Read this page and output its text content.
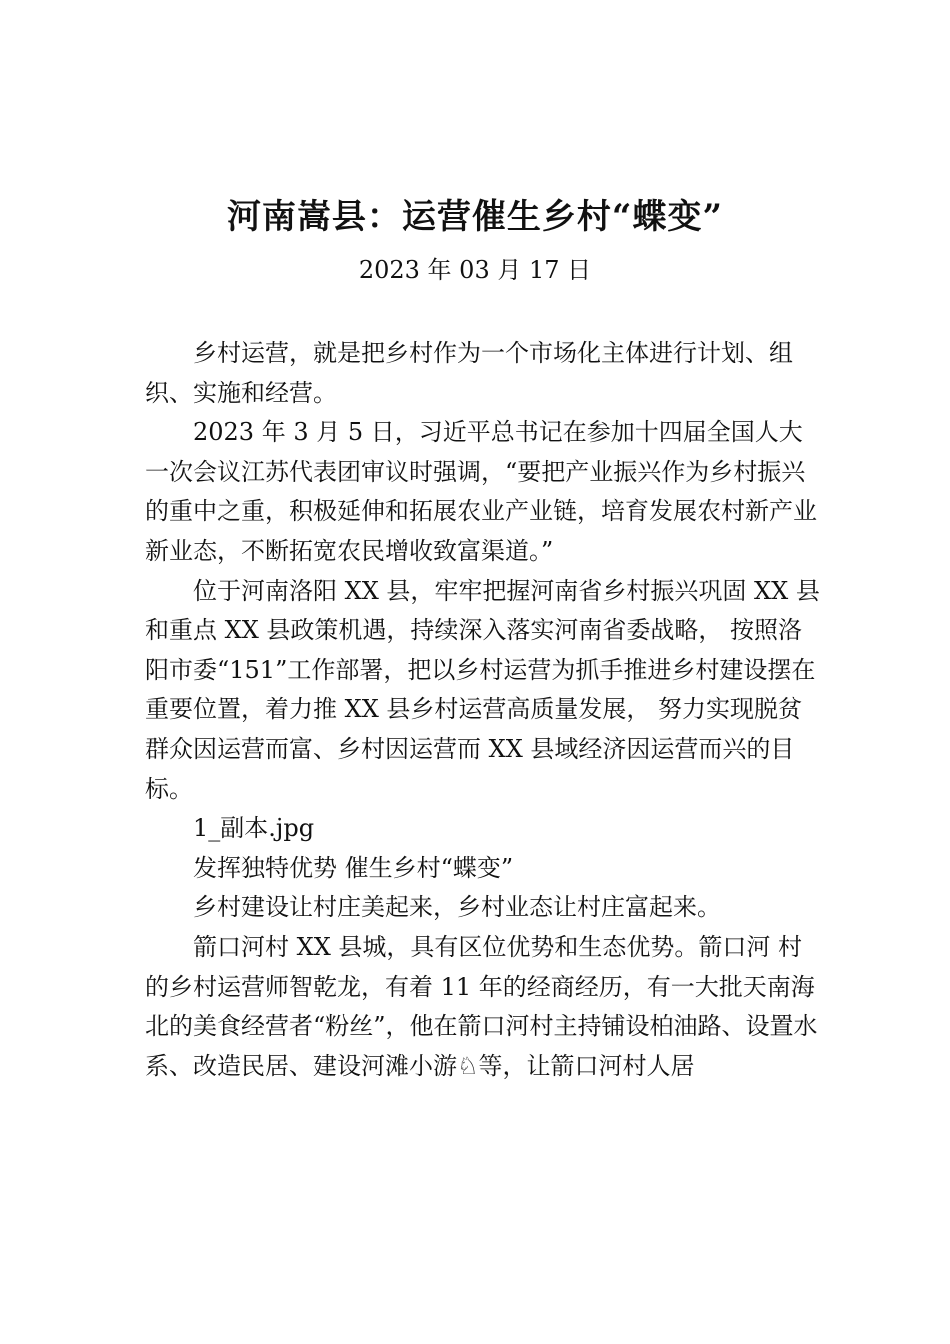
河南嵩县：运营催生乡村“蝶变”
2023 年 03 月 17 日

乡村运营，就是把乡村作为一个市场化主体进行计划、组织、实施和经营。

2023 年 3 月 5 日，习近平总书记在参加十四届全国人大一次会议江苏代表团审议时强调，“要把产业振兴作为乡村振兴的重中之重，积极延伸和拓展农业产业链，培育发展农村新产业新业态，不断拓宽农民增收致富渠道。”

位于河南洛阳 XX 县，牢牢把握河南省乡村振兴巩固 XX 县和重点 XX 县政策机遇，持续深入落实河南省委战略， 按照洛阳市委“151”工作部署，把以乡村运营为抓手推进乡村建设摆在重要位置，着力推 XX 县乡村运营高质量发展， 努力实现脱贫群众因运营而富、乡村因运营而 XX 县域经济因运营而兴的目标。

1_副本.jpg

发挥独特优势 催生乡村“蝶变”

乡村建设让村庄美起来，乡村业态让村庄富起来。

箭口河村 XX 县城，具有区位优势和生态优势。箭口河 村的乡村运营师智乾龙，有着 11 年的经商经历，有一大批天南海北的美食经营者“粉丝”，他在箭口河村主持铺设柏油路、设置水系、改造民居、建设河滩小游♘等，让箭口河村人居
